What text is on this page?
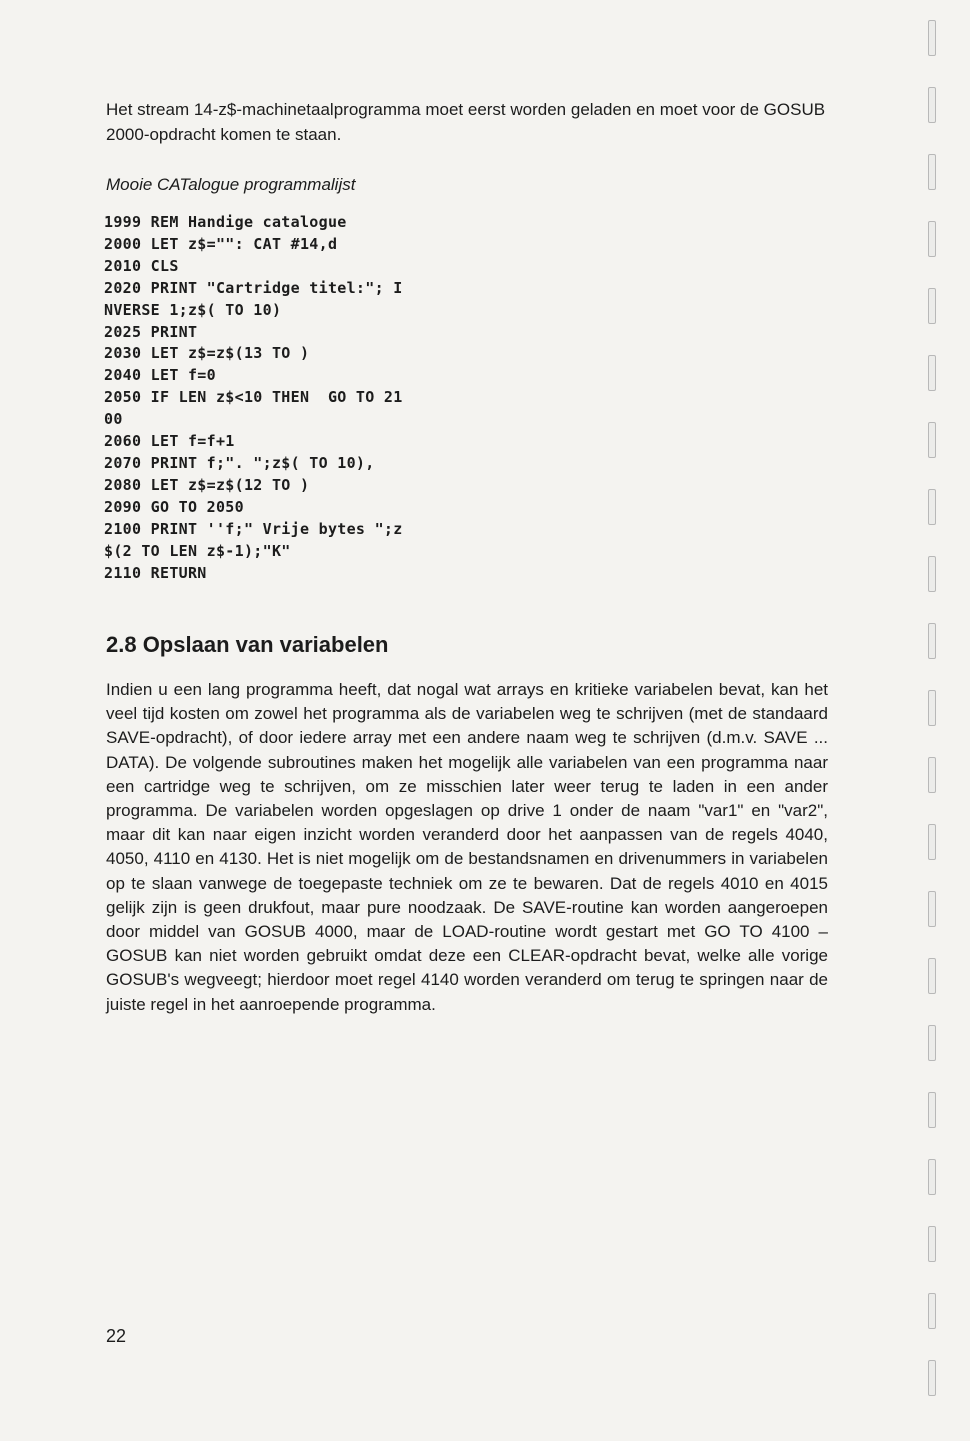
Het stream 14-z$-machinetaalprogramma moet eerst worden geladen en moet voor de GOSUB 2000-opdracht komen te staan.

Mooie CATalogue programmalijst
1999 REM Handige catalogue
2000 LET z$="": CAT #14,d
2010 CLS
2020 PRINT "Cartridge titel:"; I
NVERSE 1;z$( TO 10)
2025 PRINT
2030 LET z$=z$(13 TO )
2040 LET f=0
2050 IF LEN z$<10 THEN  GO TO 21
00
2060 LET f=f+1
2070 PRINT f;". ";z$( TO 10),
2080 LET z$=z$(12 TO )
2090 GO TO 2050
2100 PRINT ''f;" Vrije bytes ";z
$(2 TO LEN z$-1);"K"
2110 RETURN
2.8 Opslaan van variabelen

Indien u een lang programma heeft, dat nogal wat arrays en kritieke variabelen bevat, kan het veel tijd kosten om zowel het programma als de variabelen weg te schrijven (met de standaard SAVE-opdracht), of door iedere array met een andere naam weg te schrijven (d.m.v. SAVE ... DATA). De volgende subroutines maken het mogelijk alle variabelen van een programma naar een cartridge weg te schrijven, om ze misschien later weer terug te laden in een ander programma. De variabelen worden opgeslagen op drive 1 onder de naam "var1" en "var2", maar dit kan naar eigen inzicht worden veranderd door het aanpassen van de regels 4040, 4050, 4110 en 4130. Het is niet mogelijk om de bestandsnamen en drivenummers in variabelen op te slaan vanwege de toegepaste techniek om ze te bewaren. Dat de regels 4010 en 4015 gelijk zijn is geen drukfout, maar pure noodzaak. De SAVE-routine kan worden aangeroepen door middel van GOSUB 4000, maar de LOAD-routine wordt gestart met GO TO 4100 – GOSUB kan niet worden gebruikt omdat deze een CLEAR-opdracht bevat, welke alle vorige GOSUB's wegveegt; hierdoor moet regel 4140 worden veranderd om terug te springen naar de juiste regel in het aanroepende programma.

22
